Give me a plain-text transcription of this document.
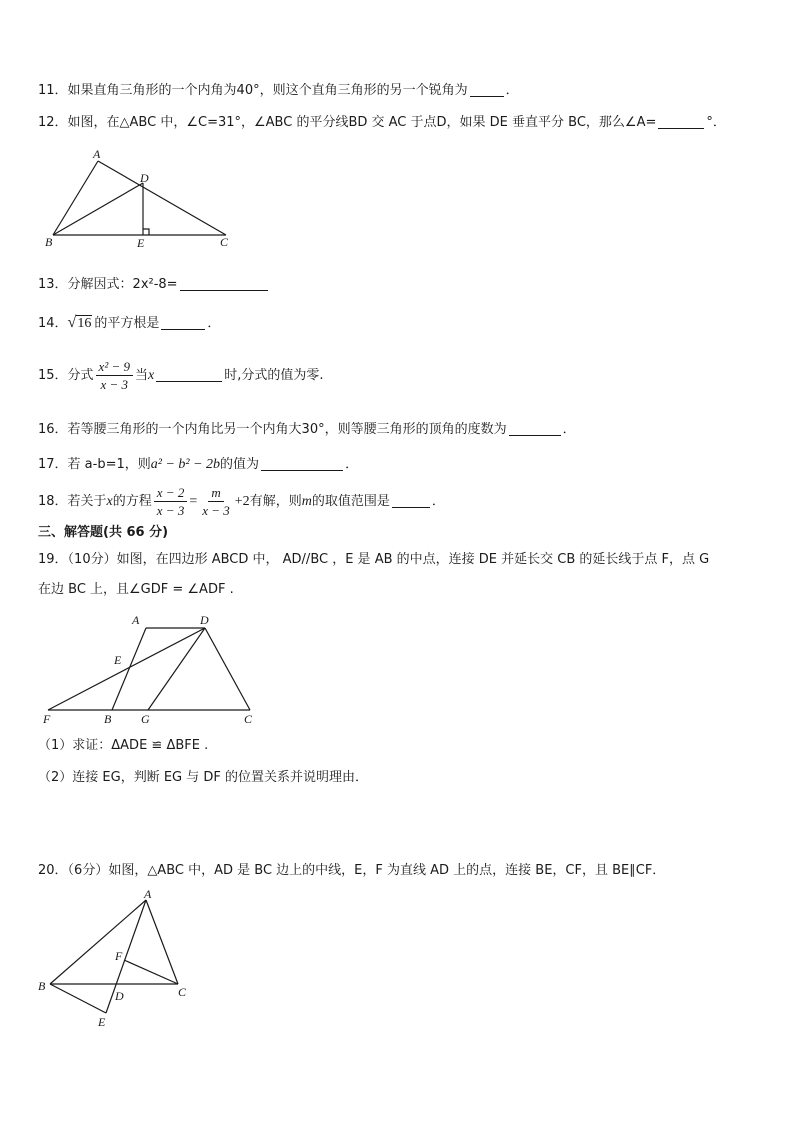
11．如果直角三角形的一个内角为40°，则这个直角三角形的另一个锐角为	．
12．如图，在△ABC 中，∠C=31°，∠ABC 的平分线BD 交 AC 于点D，如果 DE 垂直平分 BC，那么∠A=	°．
A
D
B	E	C
13．分解因式：2x²-8=
14． √ 16 的平方根是	．
15．分式 $\frac{\text{x² − 9}}{x - 3}$ 当x	时,分式的值为零.
16．若等腰三角形的一个内角比另一个内角大30°，则等腰三角形的顶角的度数为	．
17．若 a-b=1，则a² − b² − 2b的值为	．
18．若关于x的方程 $\frac{x - 2}{x - 3} = \frac{m}{x - 3} +2$有解，则m的取值范围是	．
三、解答题(共 66 分)
19．（10分）如图，在四边形 ABCD 中， AD//BC ，E 是 AB 的中点，连接 DE 并延长交 CB 的延长线于点 F，点 G
在边 BC 上，且∠GDF = ∠ADF .
A	D
E
F	B G	C
（1）求证：ΔADE ≌ ΔBFE .
（2）连接 EG，判断 EG 与 DF 的位置关系并说明理由．
20．（6分）如图，△ABC 中，AD 是 BC 边上的中线，E，F 为直线 AD 上的点，连接 BE，CF，且 BE∥CF．
A
B	C
D
E
F
